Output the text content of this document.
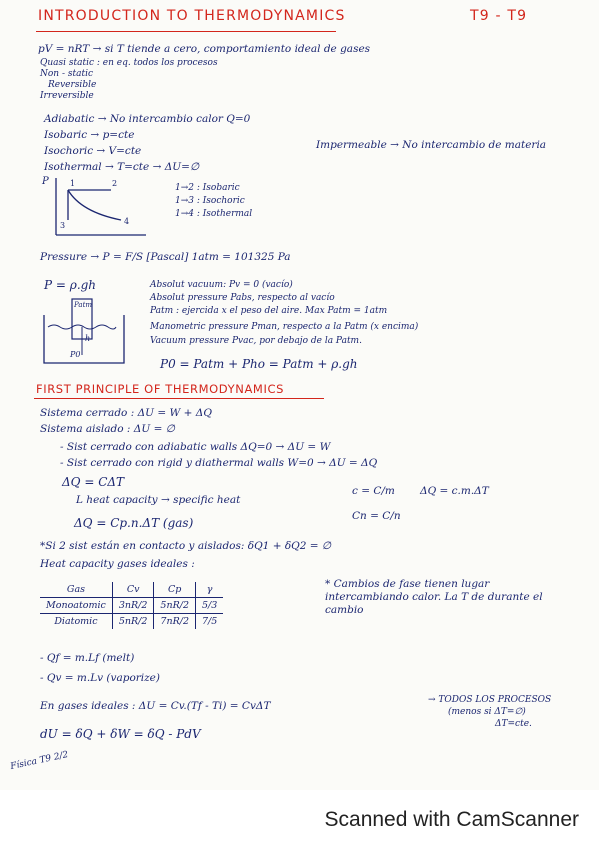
INTRODUCTION TO THERMODYNAMICS	T9 - T9
pV = nRT → si T tiende a cero, comportamiento ideal de gases
Quasi static : en eq. todos los procesos
Non - static
Reversible
Irreversible
Adiabatic → No intercambio calor Q=0
Isobaric → p=cte
Isochoric → V=cte
Isothermal → T=cte → ΔU=∅
Impermeable → No intercambio de materia
P	1	2
3	4
1→2 : Isobaric
1→3 : Isochoric
1→4 : Isothermal
Pressure → P = F/S [Pascal] 1atm = 101325 Pa
P = ρ.gh	Absolut vacuum: Pv = 0 (vacío)
Absolut pressure Pabs, respecto al vacío
Patm : ejercida x el peso del aire. Max Patm = 1atm
Manometric pressure Pman, respecto a la Patm (x encima)
Vacuum pressure Pvac, por debajo de la Patm.
Patm
h
P0
P0 = Patm + Pho = Patm + ρ.gh
FIRST PRINCIPLE OF THERMODYNAMICS
Sistema cerrado : ΔU = W + ΔQ
Sistema aislado : ΔU = ∅
- Sist cerrado con adiabatic walls ΔQ=0 → ΔU = W
- Sist cerrado con rigid y diathermal walls W=0 → ΔU = ΔQ
ΔQ = CΔT
L heat capacity → specific heat
c = C/m
Cn = C/n
ΔQ = c.m.ΔT
ΔQ = Cp.n.ΔT (gas)
*Si 2 sist están en contacto y aislados: δQ1 + δQ2 = ∅
Heat capacity gases ideales :
Gas	Cv	Cp	γ
Monoatomic	3nR/2	5nR/2	5/3
Diatomic	5nR/2	7nR/2	7/5
* Cambios de fase tienen lugar intercambiando calor. La T de durante el cambio
- Qf = m.Lf (melt)
- Qv = m.Lv (vaporize)
En gases ideales : ΔU = Cv.(Tf - Ti) = CvΔT	→ TODOS LOS PROCESOS
(menos si ΔT=∅)
ΔT=cte.
dU = δQ + δW = δQ - PdV
Física T9 2/2
Scanned with CamScanner
